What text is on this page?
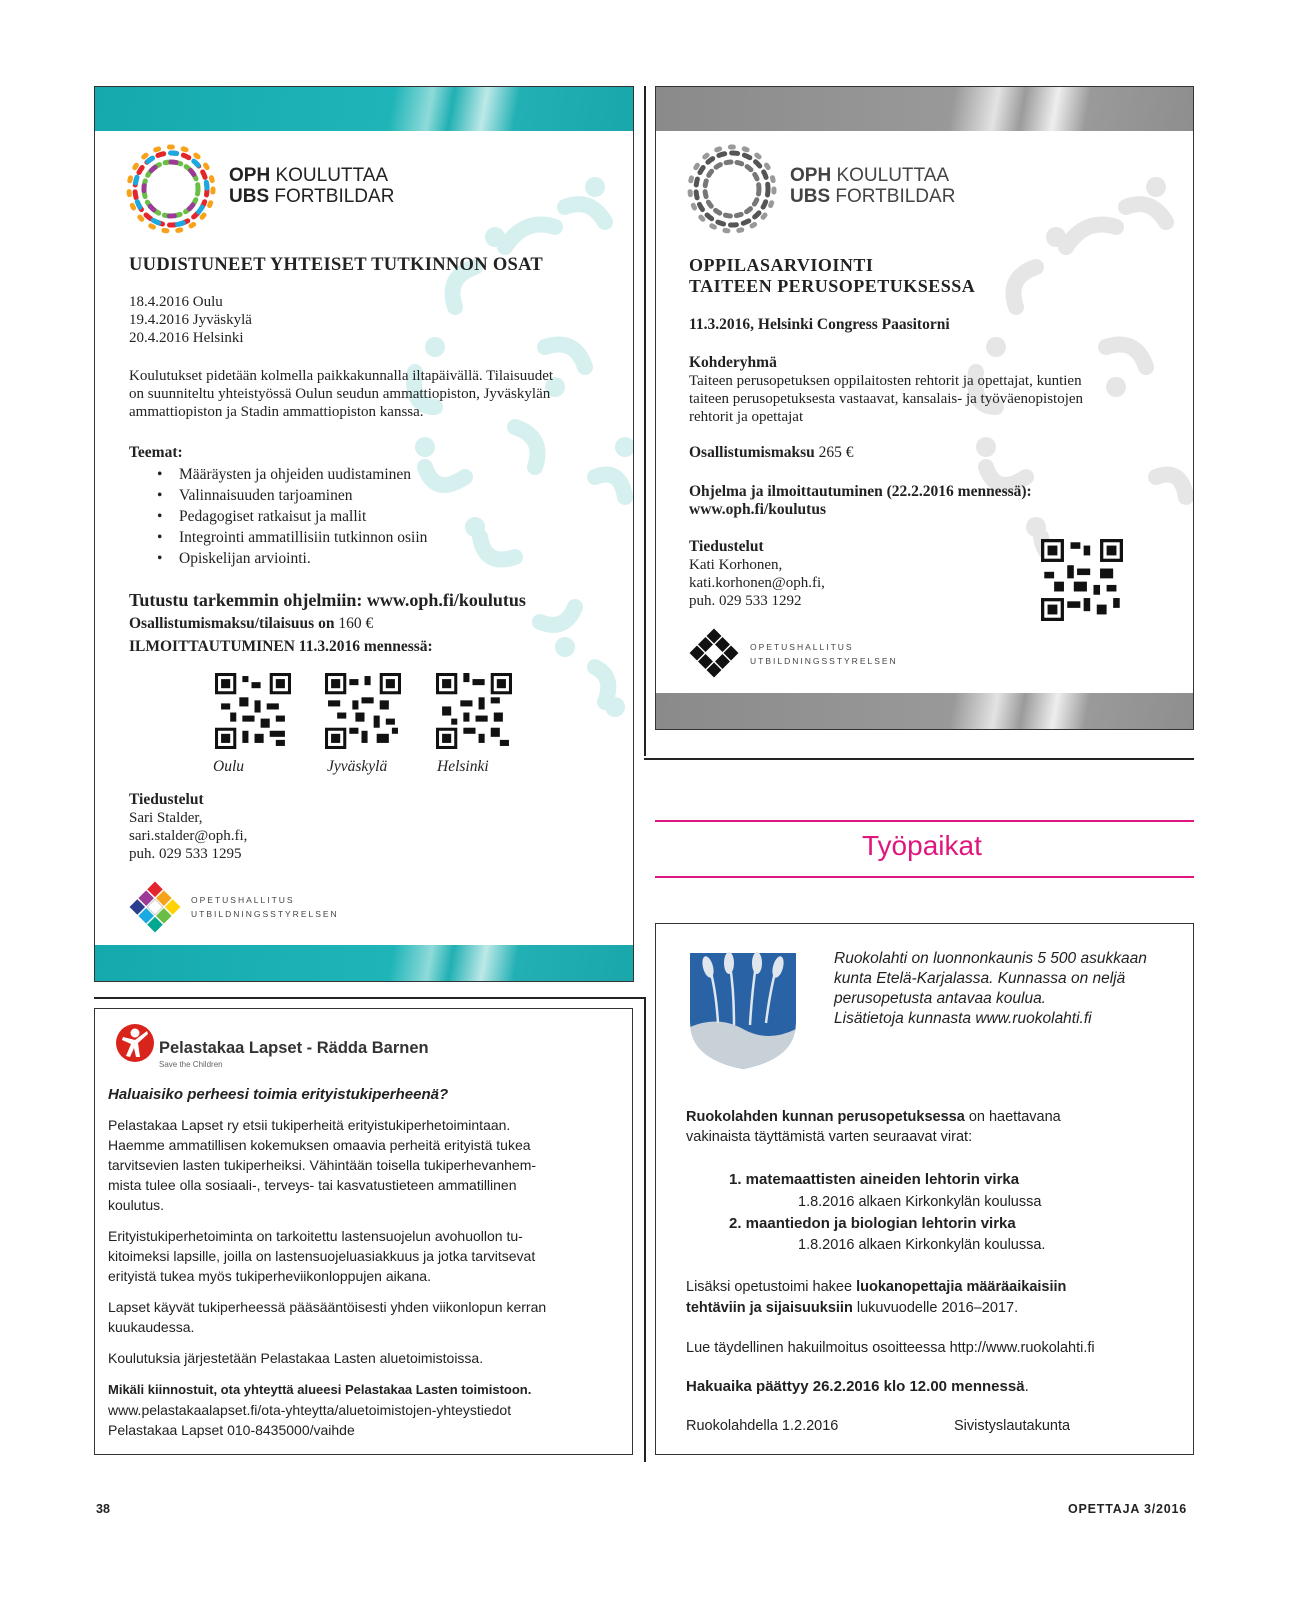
OPH KOULUTTAA
UBS FORTBILDAR
UUDISTUNEET YHTEISET TUTKINNON OSAT
18.4.2016 Oulu
19.4.2016 Jyväskylä
20.4.2016 Helsinki
Koulutukset pidetään kolmella paikkakunnalla iltapäivällä. Tilaisuudet
on suunniteltu yhteistyössä Oulun seudun ammattiopiston, Jyväskylän
ammattiopiston ja Stadin ammattiopiston kanssa.
Teemat:
• Määräysten ja ohjeiden uudistaminen
• Valinnaisuuden tarjoaminen
• Pedagogiset ratkaisut ja mallit
• Integrointi ammatillisiin tutkinnon osiin
• Opiskelijan arviointi.
Tutustu tarkemmin ohjelmiin: www.oph.fi/koulutus
Osallistumismaksu/tilaisuus on 160 €
ILMOITTAUTUMINEN 11.3.2016 mennessä:
Oulu	Jyväskylä	Helsinki
Tiedustelut
Sari Stalder,
sari.stalder@oph.fi,
puh. 029 533 1295
OPETUSHALLITUS
UTBILDNINGSSTYRELSEN
OPH KOULUTTAA
UBS FORTBILDAR
OPPILASARVIOINTI
TAITEEN PERUSOPETUKSESSA
11.3.2016, Helsinki Congress Paasitorni
Kohderyhmä
Taiteen perusopetuksen oppilaitosten rehtorit ja opettajat, kuntien
taiteen perusopetuksesta vastaavat, kansalais- ja työväenopistojen
rehtorit ja opettajat
Osallistumismaksu 265 €
Ohjelma ja ilmoittautuminen (22.2.2016 mennessä):
www.oph.fi/koulutus
Tiedustelut
Kati Korhonen,
kati.korhonen@oph.fi,
puh. 029 533 1292
OPETUSHALLITUS
UTBILDNINGSSTYRELSEN
Työpaikat
Pelastakaa Lapset - Rädda Barnen
Save the Children
Haluaisiko perheesi toimia erityistukiperheenä?
Pelastakaa Lapset ry etsii tukiperheitä erityistukiperhetoimintaan.
Haemme ammatillisen kokemuksen omaavia perheitä erityistä tukea
tarvitsevien lasten tukiperheiksi. Vähintään toisella tukiperhevanhem-
mista tulee olla sosiaali-, terveys- tai kasvatustieteen ammatillinen
koulutus.
Erityistukiperhetoiminta on tarkoitettu lastensuojelun avohuollon tu-
kitoimeksi lapsille, joilla on lastensuojeluasiakkuus ja jotka tarvitsevat
erityistä tukea myös tukiperheviikonloppujen aikana.
Lapset käyvät tukiperheessä pääsääntöisesti yhden viikonlopun kerran
kuukaudessa.
Koulutuksia järjestetään Pelastakaa Lasten aluetoimistoissa.
Mikäli kiinnostuit, ota yhteyttä alueesi Pelastakaa Lasten toimistoon.
www.pelastakaalapset.fi/ota-yhteytta/aluetoimistojen-yhteystiedot
Pelastakaa Lapset 010-8435000/vaihde
Ruokolahti on luonnonkaunis 5 500 asukkaan
kunta Etelä-Karjalassa. Kunnassa on neljä
perusopetusta antavaa koulua.
Lisätietoja kunnasta www.ruokolahti.fi
Ruokolahden kunnan perusopetuksessa on haettavana
vakinaista täyttämistä varten seuraavat virat:
1. matemaattisten aineiden lehtorin virka
1.8.2016 alkaen Kirkonkylän koulussa
2. maantiedon ja biologian lehtorin virka
1.8.2016 alkaen Kirkonkylän koulussa.
Lisäksi opetustoimi hakee luokanopettajia määräaikaisiin
tehtäviin ja sijaisuuksiin lukuvuodelle 2016–2017.
Lue täydellinen hakuilmoitus osoitteessa http://www.ruokolahti.fi
Hakuaika päättyy 26.2.2016 klo 12.00 mennessä.
Ruokolahdella 1.2.2016	Sivistyslautakunta
38	OPETTAJA 3/2016
